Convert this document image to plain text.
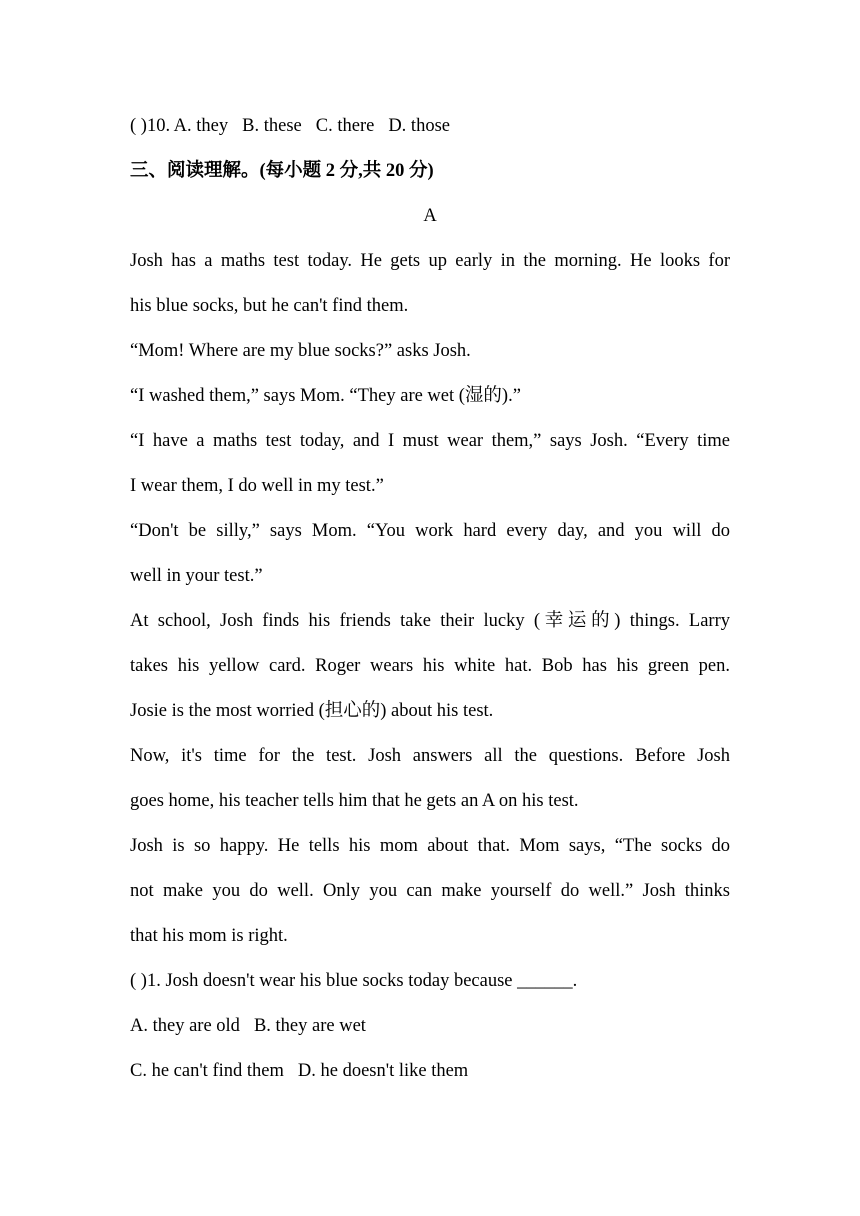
( )10. A. they B. these C. there D. those
三、阅读理解。(每小题 2 分,共 20 分)
A
Josh has a maths test today. He gets up early in the morning. He looks for
his blue socks, but he can't find them.
“Mom! Where are my blue socks?” asks Josh.
“I washed them,” says Mom. “They are wet (湿的).”
“I have a maths test today, and I must wear them,” says Josh. “Every time
I wear them, I do well in my test.”
“Don't be silly,” says Mom. “You work hard every day, and you will do
well in your test.”
At school, Josh finds his friends take their lucky (幸运的) things. Larry
takes his yellow card. Roger wears his white hat. Bob has his green pen.
Josie is the most worried (担心的) about his test.
Now, it's time for the test. Josh answers all the questions. Before Josh
goes home, his teacher tells him that he gets an A on his test.
Josh is so happy. He tells his mom about that. Mom says, “The socks do
not make you do well. Only you can make yourself do well.” Josh thinks
that his mom is right.
( )1. Josh doesn't wear his blue socks today because ______.
A. they are old B. they are wet
C. he can't find them D. he doesn't like them
